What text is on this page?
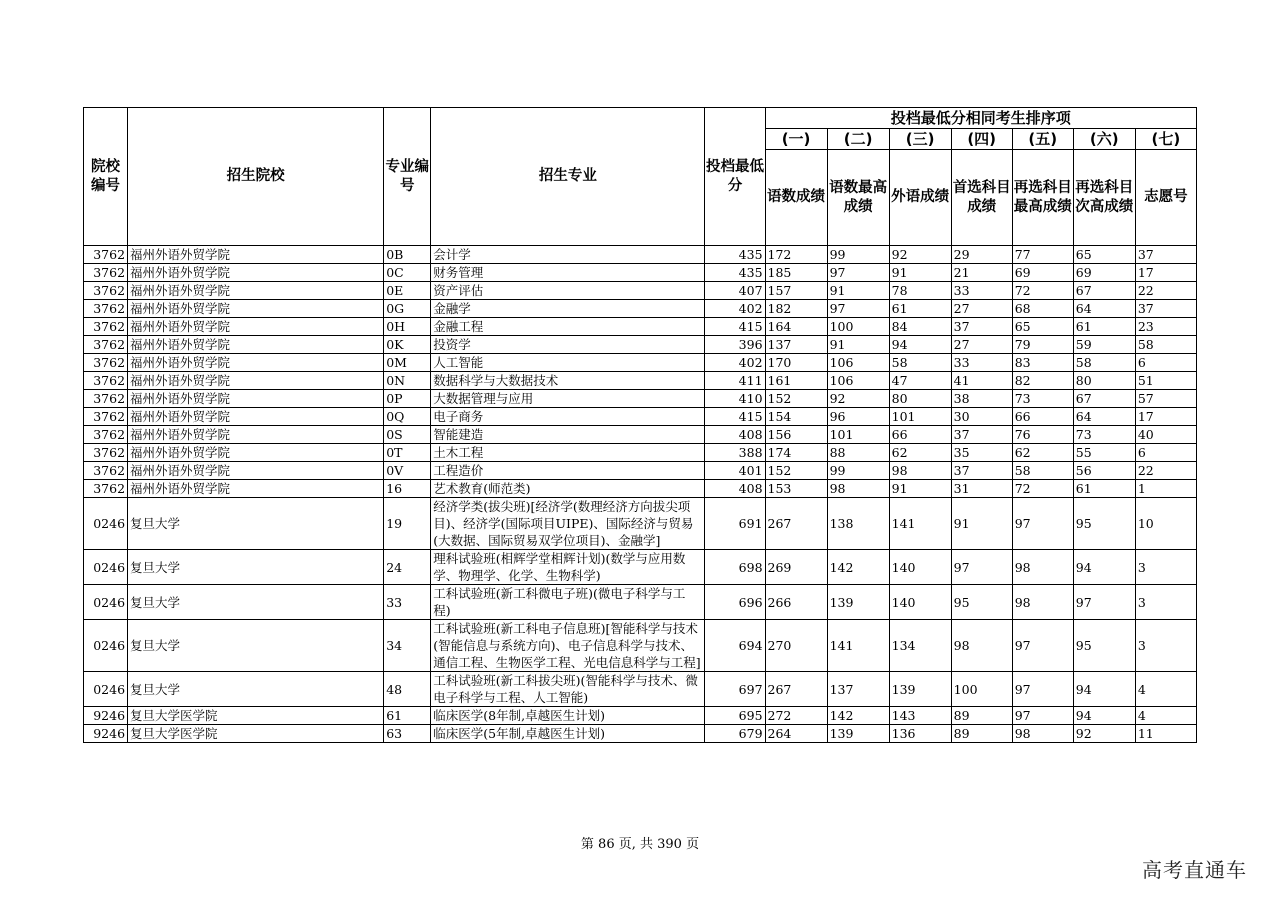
院校编号	招生院校	专业编号	招生专业	投档最低分	投档最低分相同考生排序项						
					(一)	(二)	(三)	(四)	(五)	(六)	(七)
					语数成绩	语数最高成绩	外语成绩	首选科目成绩	再选科目最高成绩	再选科目次高成绩	志愿号
3762	福州外语外贸学院	0B	会计学	435	172	99	92	29	77	65	37
3762	福州外语外贸学院	0C	财务管理	435	185	97	91	21	69	69	17
3762	福州外语外贸学院	0E	资产评估	407	157	91	78	33	72	67	22
3762	福州外语外贸学院	0G	金融学	402	182	97	61	27	68	64	37
3762	福州外语外贸学院	0H	金融工程	415	164	100	84	37	65	61	23
3762	福州外语外贸学院	0K	投资学	396	137	91	94	27	79	59	58
3762	福州外语外贸学院	0M	人工智能	402	170	106	58	33	83	58	6
3762	福州外语外贸学院	0N	数据科学与大数据技术	411	161	106	47	41	82	80	51
3762	福州外语外贸学院	0P	大数据管理与应用	410	152	92	80	38	73	67	57
3762	福州外语外贸学院	0Q	电子商务	415	154	96	101	30	66	64	17
3762	福州外语外贸学院	0S	智能建造	408	156	101	66	37	76	73	40
3762	福州外语外贸学院	0T	土木工程	388	174	88	62	35	62	55	6
3762	福州外语外贸学院	0V	工程造价	401	152	99	98	37	58	56	22
3762	福州外语外贸学院	16	艺术教育(师范类)	408	153	98	91	31	72	61	1
0246	复旦大学	19	经济学类(拔尖班)[经济学(数理经济方向拔尖项目)、经济学(国际项目UIPE)、国际经济与贸易(大数据、国际贸易双学位项目)、金融学]	691	267	138	141	91	97	95	10
0246	复旦大学	24	理科试验班(相辉学堂相辉计划)(数学与应用数学、物理学、化学、生物科学)	698	269	142	140	97	98	94	3
0246	复旦大学	33	工科试验班(新工科微电子班)(微电子科学与工程)	696	266	139	140	95	98	97	3
0246	复旦大学	34	工科试验班(新工科电子信息班)[智能科学与技术(智能信息与系统方向)、电子信息科学与技术、通信工程、生物医学工程、光电信息科学与工程]	694	270	141	134	98	97	95	3
0246	复旦大学	48	工科试验班(新工科拔尖班)(智能科学与技术、微电子科学与工程、人工智能)	697	267	137	139	100	97	94	4
9246	复旦大学医学院	61	临床医学(8年制,卓越医生计划)	695	272	142	143	89	97	94	4
9246	复旦大学医学院	63	临床医学(5年制,卓越医生计划)	679	264	139	136	89	98	92	11
第 86 页, 共 390 页
高考直通车
